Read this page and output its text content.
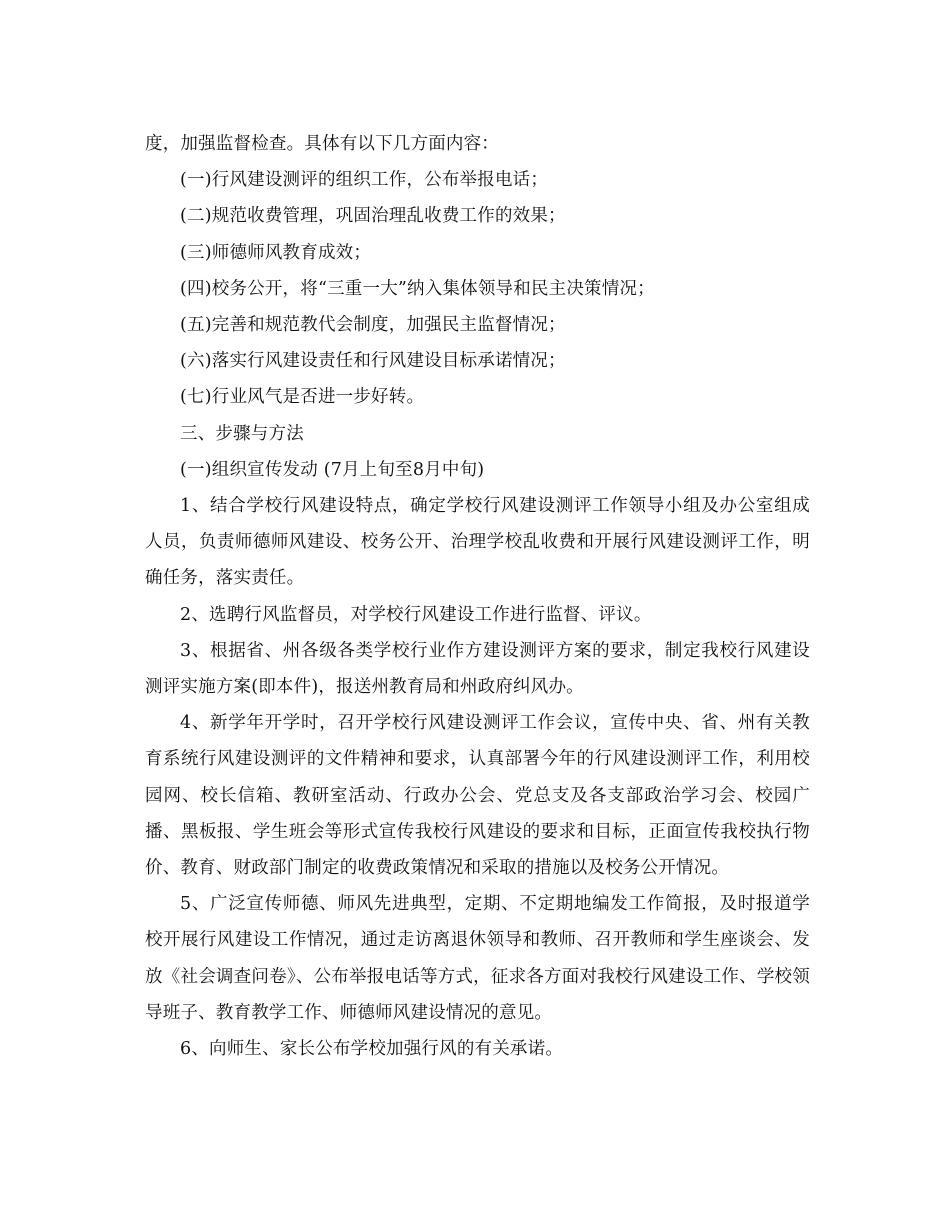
度，加强监督检查。具体有以下几方面内容：

(一)行风建设测评的组织工作，公布举报电话；

(二)规范收费管理，巩固治理乱收费工作的效果；

(三)师德师风教育成效；

(四)校务公开，将“三重一大”纳入集体领导和民主决策情况；

(五)完善和规范教代会制度，加强民主监督情况；

(六)落实行风建设责任和行风建设目标承诺情况；

(七)行业风气是否进一步好转。

三、步骤与方法

(一)组织宣传发动 (7月上旬至8月中旬)

1、结合学校行风建设特点，确定学校行风建设测评工作领导小组及办公室组成人员，负责师德师风建设、校务公开、治理学校乱收费和开展行风建设测评工作，明确任务，落实责任。

2、选聘行风监督员，对学校行风建设工作进行监督、评议。

3、根据省、州各级各类学校行业作方建设测评方案的要求，制定我校行风建设测评实施方案(即本件)，报送州教育局和州政府纠风办。

4、新学年开学时，召开学校行风建设测评工作会议，宣传中央、省、州有关教育系统行风建设测评的文件精神和要求，认真部署今年的行风建设测评工作，利用校园网、校长信箱、教研室活动、行政办公会、党总支及各支部政治学习会、校园广播、黑板报、学生班会等形式宣传我校行风建设的要求和目标，正面宣传我校执行物价、教育、财政部门制定的收费政策情况和采取的措施以及校务公开情况。

5、广泛宣传师德、师风先进典型，定期、不定期地编发工作简报，及时报道学校开展行风建设工作情况，通过走访离退休领导和教师、召开教师和学生座谈会、发放《社会调查问卷》、公布举报电话等方式，征求各方面对我校行风建设工作、学校领导班子、教育教学工作、师德师风建设情况的意见。

6、向师生、家长公布学校加强行风的有关承诺。
